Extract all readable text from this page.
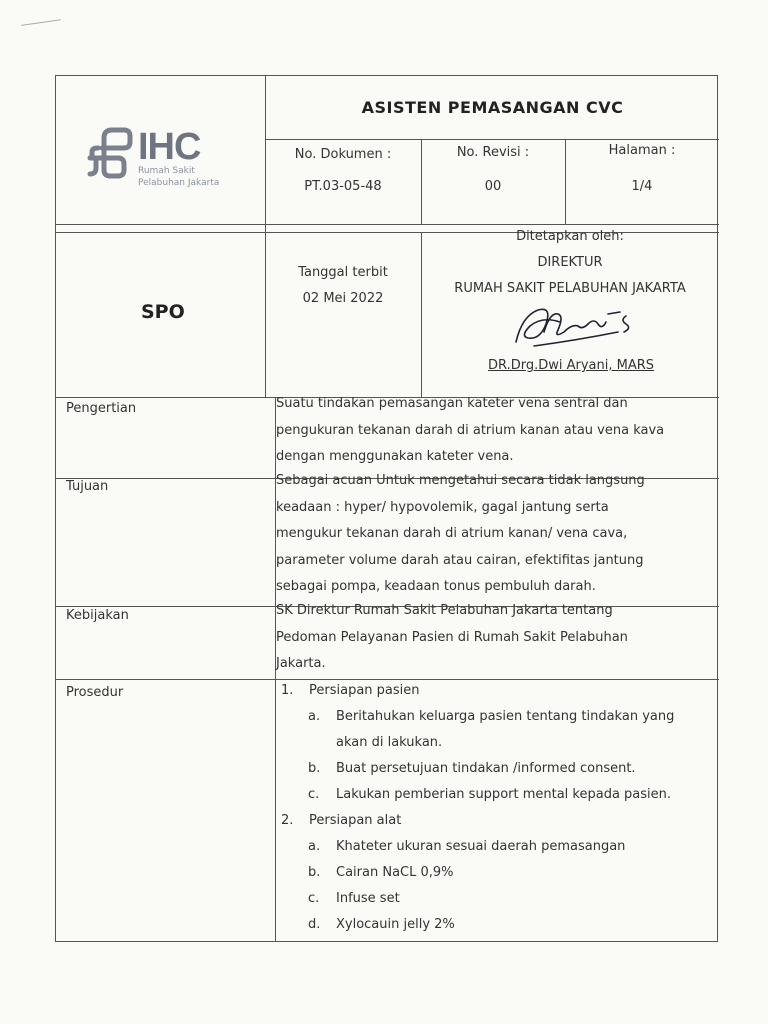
IHC
Rumah Sakit
Pelabuhan Jakarta
ASISTEN PEMASANGAN CVC
No. Dokumen :
PT.03-05-48
No. Revisi :
00
Halaman :
1/4
SPO
Tanggal terbit
02 Mei 2022
Ditetapkan oleh:
DIREKTUR
RUMAH SAKIT PELABUHAN JAKARTA
DR.Drg.Dwi Aryani, MARS
Pengertian	Suatu tindakan pemasangan kateter vena sentral dan
pengukuran tekanan darah di atrium kanan atau vena kava
dengan menggunakan kateter vena.
Tujuan	Sebagai acuan Untuk mengetahui secara tidak langsung
keadaan : hyper/ hypovolemik, gagal jantung serta
mengukur tekanan darah di atrium kanan/ vena cava,
parameter volume darah atau cairan, efektifitas jantung
sebagai pompa, keadaan tonus pembuluh darah.
Kebijakan	SK Direktur Rumah Sakit Pelabuhan Jakarta tentang
Pedoman Pelayanan Pasien di Rumah Sakit Pelabuhan
Jakarta.
Prosedur	1. Persiapan pasien
a. Beritahukan keluarga pasien tentang tindakan yang
akan di lakukan.
b. Buat persetujuan tindakan /informed consent.
c. Lakukan pemberian support mental kepada pasien.
2. Persiapan alat
a. Khateter ukuran sesuai daerah pemasangan
b. Cairan NaCL 0,9%
c. Infuse set
d. Xylocauin jelly 2%
